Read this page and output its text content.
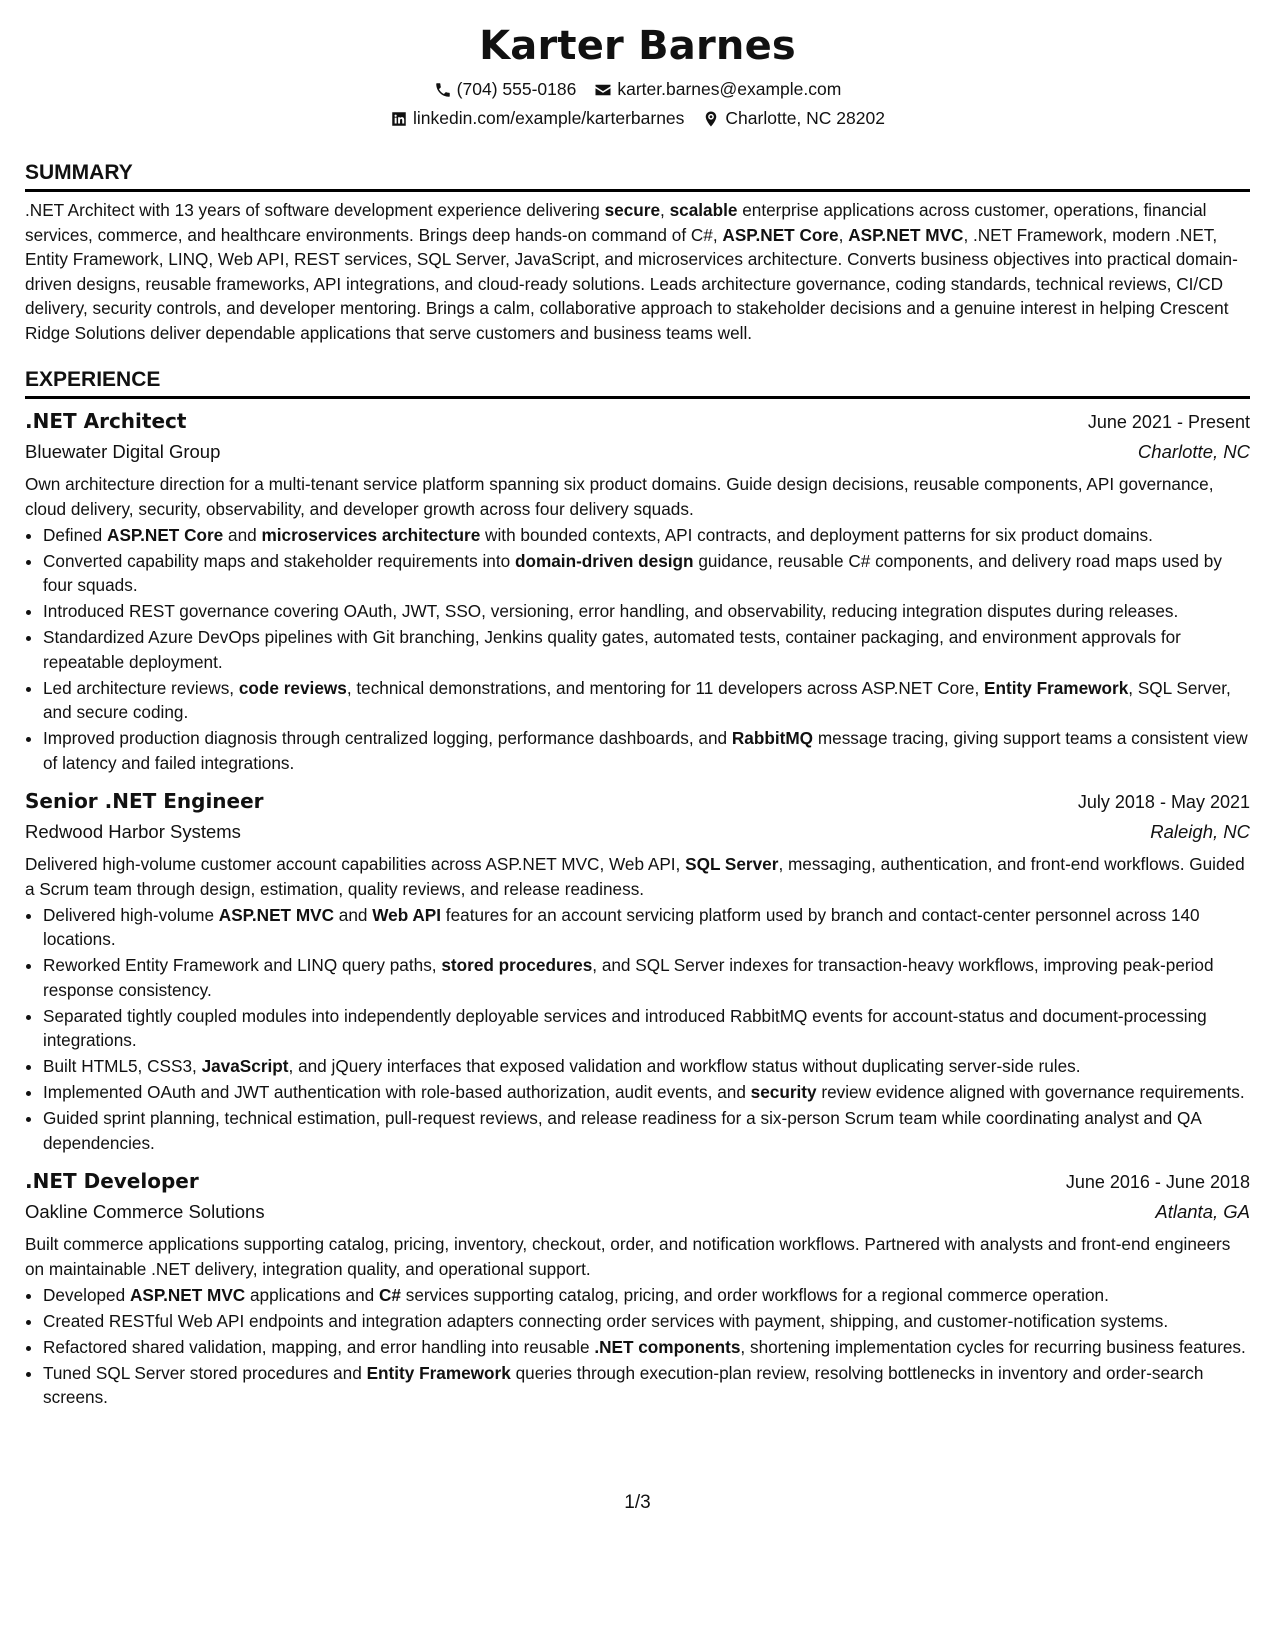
Karter Barnes
(704) 555-0186 karter.barnes@example.com
linkedin.com/example/karterbarnes Charlotte, NC 28202
SUMMARY

.NET Architect with 13 years of software development experience delivering secure, scalable enterprise applications across customer, operations, financial services, commerce, and healthcare environments. Brings deep hands-on command of C#, ASP.NET Core, ASP.NET MVC, .NET Framework, modern .NET, Entity Framework, LINQ, Web API, REST services, SQL Server, JavaScript, and microservices architecture. Converts business objectives into practical domain-driven designs, reusable frameworks, API integrations, and cloud-ready solutions. Leads architecture governance, coding standards, technical reviews, CI/CD delivery, security controls, and developer mentoring. Brings a calm, collaborative approach to stakeholder decisions and a genuine interest in helping Crescent Ridge Solutions deliver dependable applications that serve customers and business teams well.

EXPERIENCE
.NET Architect	June 2021 - Present
Bluewater Digital Group	Charlotte, NC
Own architecture direction for a multi-tenant service platform spanning six product domains. Guide design decisions, reusable components, API governance, cloud delivery, security, observability, and developer growth across four delivery squads.
• Defined ASP.NET Core and microservices architecture with bounded contexts, API contracts, and deployment patterns for six product domains.
• Converted capability maps and stakeholder requirements into domain-driven design guidance, reusable C# components, and delivery road maps used by four squads.
• Introduced REST governance covering OAuth, JWT, SSO, versioning, error handling, and observability, reducing integration disputes during releases.
• Standardized Azure DevOps pipelines with Git branching, Jenkins quality gates, automated tests, container packaging, and environment approvals for repeatable deployment.
• Led architecture reviews, code reviews, technical demonstrations, and mentoring for 11 developers across ASP.NET Core, Entity Framework, SQL Server, and secure coding.
• Improved production diagnosis through centralized logging, performance dashboards, and RabbitMQ message tracing, giving support teams a consistent view of latency and failed integrations.
Senior .NET Engineer	July 2018 - May 2021
Redwood Harbor Systems	Raleigh, NC
Delivered high-volume customer account capabilities across ASP.NET MVC, Web API, SQL Server, messaging, authentication, and front-end workflows. Guided a Scrum team through design, estimation, quality reviews, and release readiness.
• Delivered high-volume ASP.NET MVC and Web API features for an account servicing platform used by branch and contact-center personnel across 140 locations.
• Reworked Entity Framework and LINQ query paths, stored procedures, and SQL Server indexes for transaction-heavy workflows, improving peak-period response consistency.
• Separated tightly coupled modules into independently deployable services and introduced RabbitMQ events for account-status and document-processing integrations.
• Built HTML5, CSS3, JavaScript, and jQuery interfaces that exposed validation and workflow status without duplicating server-side rules.
• Implemented OAuth and JWT authentication with role-based authorization, audit events, and security review evidence aligned with governance requirements.
• Guided sprint planning, technical estimation, pull-request reviews, and release readiness for a six-person Scrum team while coordinating analyst and QA dependencies.
.NET Developer	June 2016 - June 2018
Oakline Commerce Solutions	Atlanta, GA
Built commerce applications supporting catalog, pricing, inventory, checkout, order, and notification workflows. Partnered with analysts and front-end engineers on maintainable .NET delivery, integration quality, and operational support.
• Developed ASP.NET MVC applications and C# services supporting catalog, pricing, and order workflows for a regional commerce operation.
• Created RESTful Web API endpoints and integration adapters connecting order services with payment, shipping, and customer-notification systems.
• Refactored shared validation, mapping, and error handling into reusable .NET components, shortening implementation cycles for recurring business features.
• Tuned SQL Server stored procedures and Entity Framework queries through execution-plan review, resolving bottlenecks in inventory and order-search screens.
1/3
